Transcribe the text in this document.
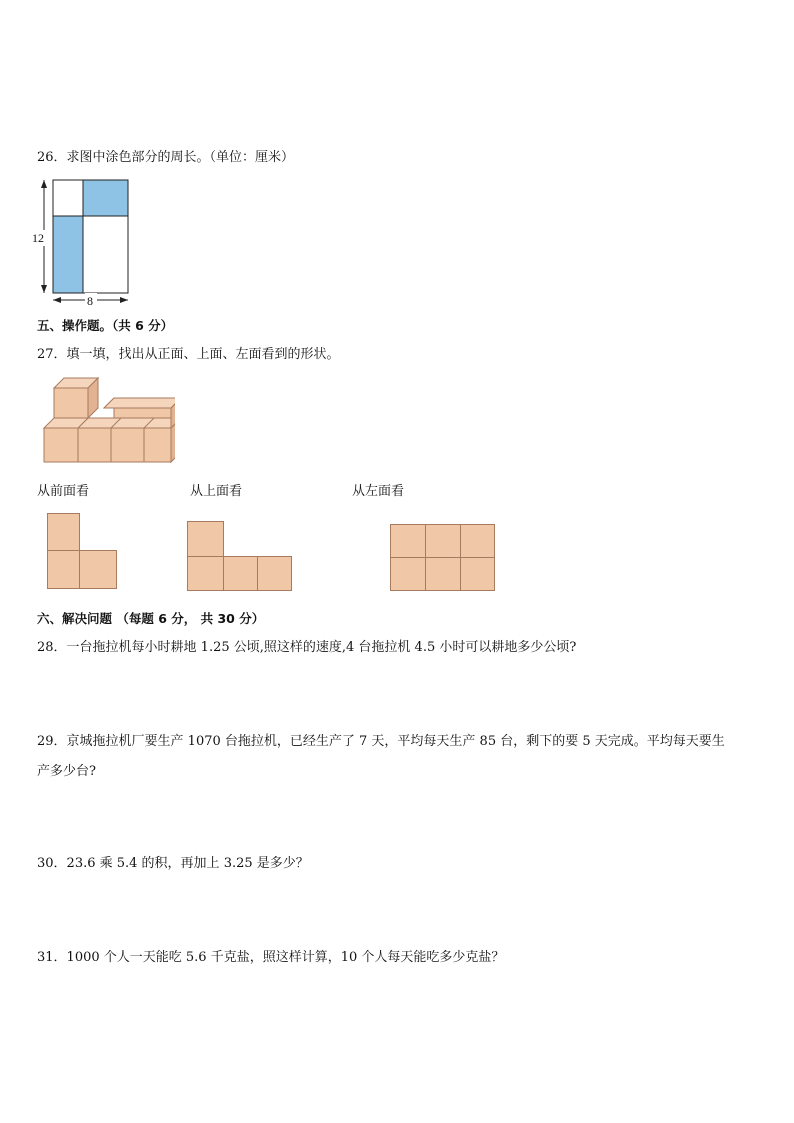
26．求图中涂色部分的周长。（单位：厘米）
12
8
五、操作题。（共 6 分）
27．填一填，找出从正面、上面、左面看到的形状。
从前面看	从上面看	从左面看
六、解决问题 （每题 6 分， 共 30 分）
28．一台拖拉机每小时耕地 1.25 公顷,照这样的速度,4 台拖拉机 4.5 小时可以耕地多少公顷?
29．京城拖拉机厂要生产 1070 台拖拉机，已经生产了 7 天，平均每天生产 85 台，剩下的要 5 天完成。平均每天要生
产多少台?
30．23.6 乘 5.4 的积，再加上 3.25 是多少？
31．1000 个人一天能吃 5.6 千克盐，照这样计算，10 个人每天能吃多少克盐？
